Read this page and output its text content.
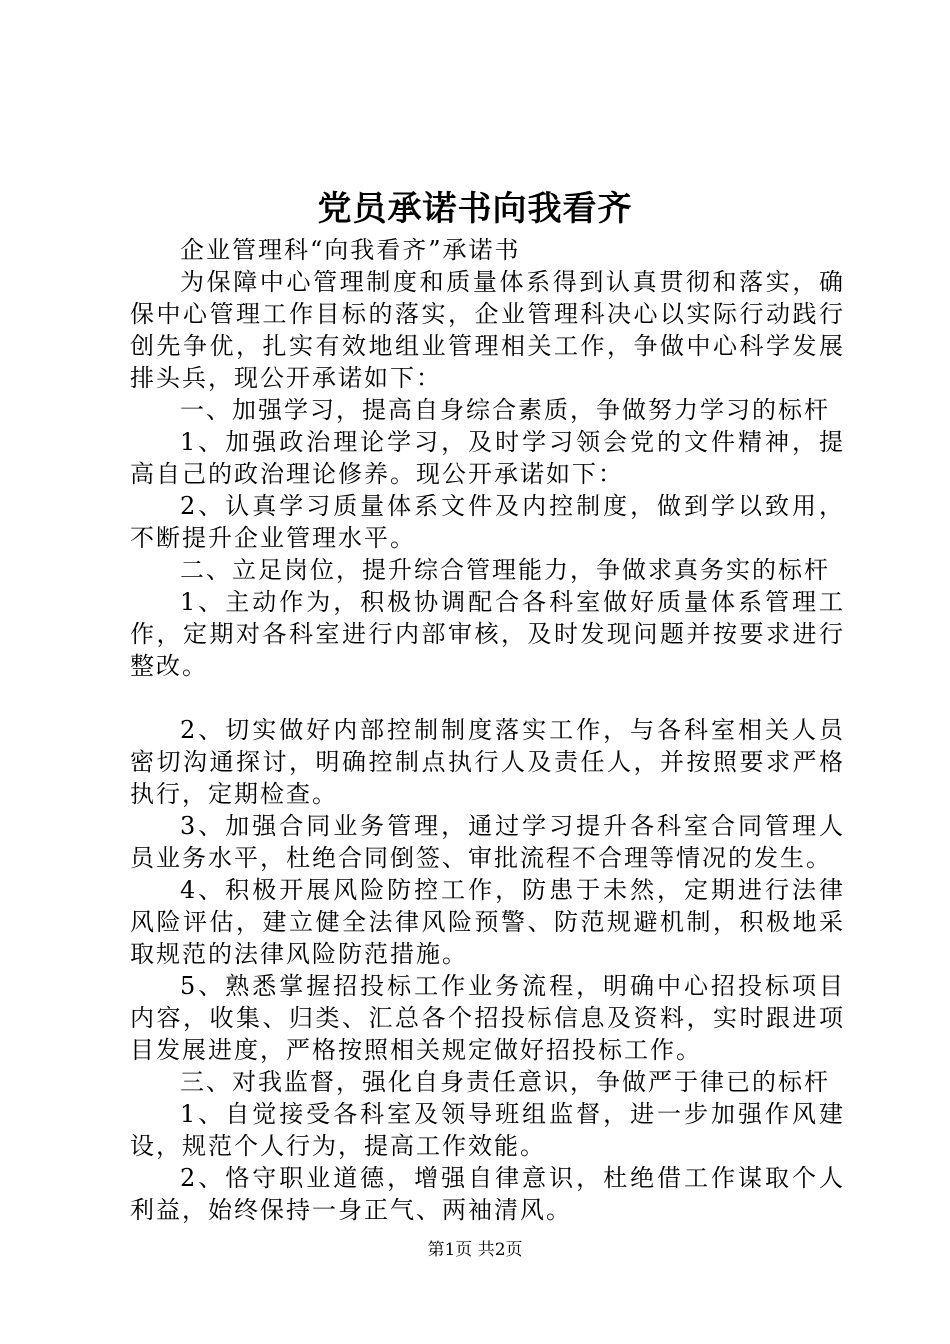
党员承诺书向我看齐

企业管理科“向我看齐”承诺书

为保障中心管理制度和质量体系得到认真贯彻和落实，确保中心管理工作目标的落实，企业管理科决心以实际行动践行创先争优，扎实有效地组业管理相关工作，争做中心科学发展排头兵，现公开承诺如下：

一、加强学习，提高自身综合素质，争做努力学习的标杆

1、加强政治理论学习，及时学习领会党的文件精神，提高自己的政治理论修养。现公开承诺如下：

2、认真学习质量体系文件及内控制度，做到学以致用，不断提升企业管理水平。

二、立足岗位，提升综合管理能力，争做求真务实的标杆

1、主动作为，积极协调配合各科室做好质量体系管理工作，定期对各科室进行内部审核，及时发现问题并按要求进行整改。

2、切实做好内部控制制度落实工作，与各科室相关人员密切沟通探讨，明确控制点执行人及责任人，并按照要求严格执行，定期检查。

3、加强合同业务管理，通过学习提升各科室合同管理人员业务水平，杜绝合同倒签、审批流程不合理等情况的发生。

4、积极开展风险防控工作，防患于未然，定期进行法律风险评估，建立健全法律风险预警、防范规避机制，积极地采取规范的法律风险防范措施。

5、熟悉掌握招投标工作业务流程，明确中心招投标项目内容，收集、归类、汇总各个招投标信息及资料，实时跟进项目发展进度，严格按照相关规定做好招投标工作。

三、对我监督，强化自身责任意识，争做严于律已的标杆

1、自觉接受各科室及领导班组监督，进一步加强作风建设，规范个人行为，提高工作效能。

2、恪守职业道德，增强自律意识，杜绝借工作谋取个人利益，始终保持一身正气、两袖清风。

第1页 共2页
